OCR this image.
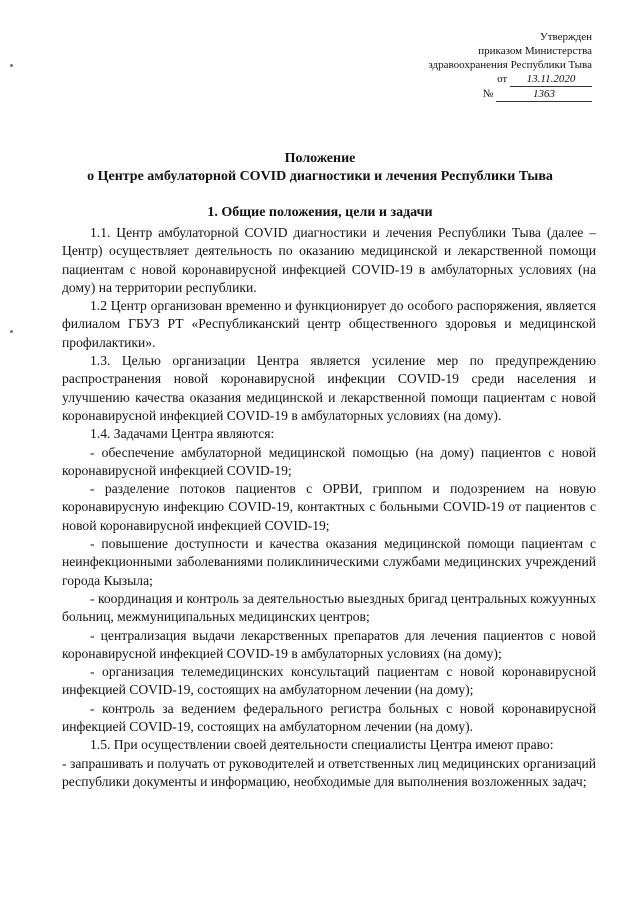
Утвержден
приказом Министерства
здравоохранения Республики Тыва
от 13.11.2020
№	1363
Положение
о Центре амбулаторной COVID диагностики и лечения Республики Тыва
1. Общие положения, цели и задачи

1.1. Центр амбулаторной COVID диагностики и лечения Республики Тыва (далее – Центр) осуществляет деятельность по оказанию медицинской и лекарственной помощи пациентам с новой коронавирусной инфекцией COVID-19 в амбулаторных условиях (на дому) на территории республики.

1.2 Центр организован временно и функционирует до особого распоряжения, является филиалом ГБУЗ РТ «Республиканский центр общественного здоровья и медицинской профилактики».

1.3. Целью организации Центра является усиление мер по предупреждению распространения новой коронавирусной инфекции COVID-19 среди населения и улучшению качества оказания медицинской и лекарственной помощи пациентам с новой коронавирусной инфекцией COVID-19 в амбулаторных условиях (на дому).

1.4. Задачами Центра являются:

- обеспечение амбулаторной медицинской помощью (на дому) пациентов с новой коронавирусной инфекцией COVID-19;

- разделение потоков пациентов с ОРВИ, гриппом и подозрением на новую коронавирусную инфекцию COVID-19, контактных с больными COVID-19 от пациентов с новой коронавирусной инфекцией COVID-19;

- повышение доступности и качества оказания медицинской помощи пациентам с неинфекционными заболеваниями поликлиническими службами медицинских учреждений города Кызыла;

- координация и контроль за деятельностью выездных бригад центральных кожуунных больниц, межмуниципальных медицинских центров;

- централизация выдачи лекарственных препаратов для лечения пациентов с новой коронавирусной инфекцией COVID-19 в амбулаторных условиях (на дому);

- организация телемедицинских консультаций пациентам с новой коронавирусной инфекцией COVID-19, состоящих на амбулаторном лечении (на дому);

- контроль за ведением федерального регистра больных с новой коронавирусной инфекцией COVID-19, состоящих на амбулаторном лечении (на дому).

1.5. При осуществлении своей деятельности специалисты Центра имеют право:

- запрашивать и получать от руководителей и ответственных лиц медицинских организаций республики документы и информацию, необходимые для выполнения возложенных задач;
